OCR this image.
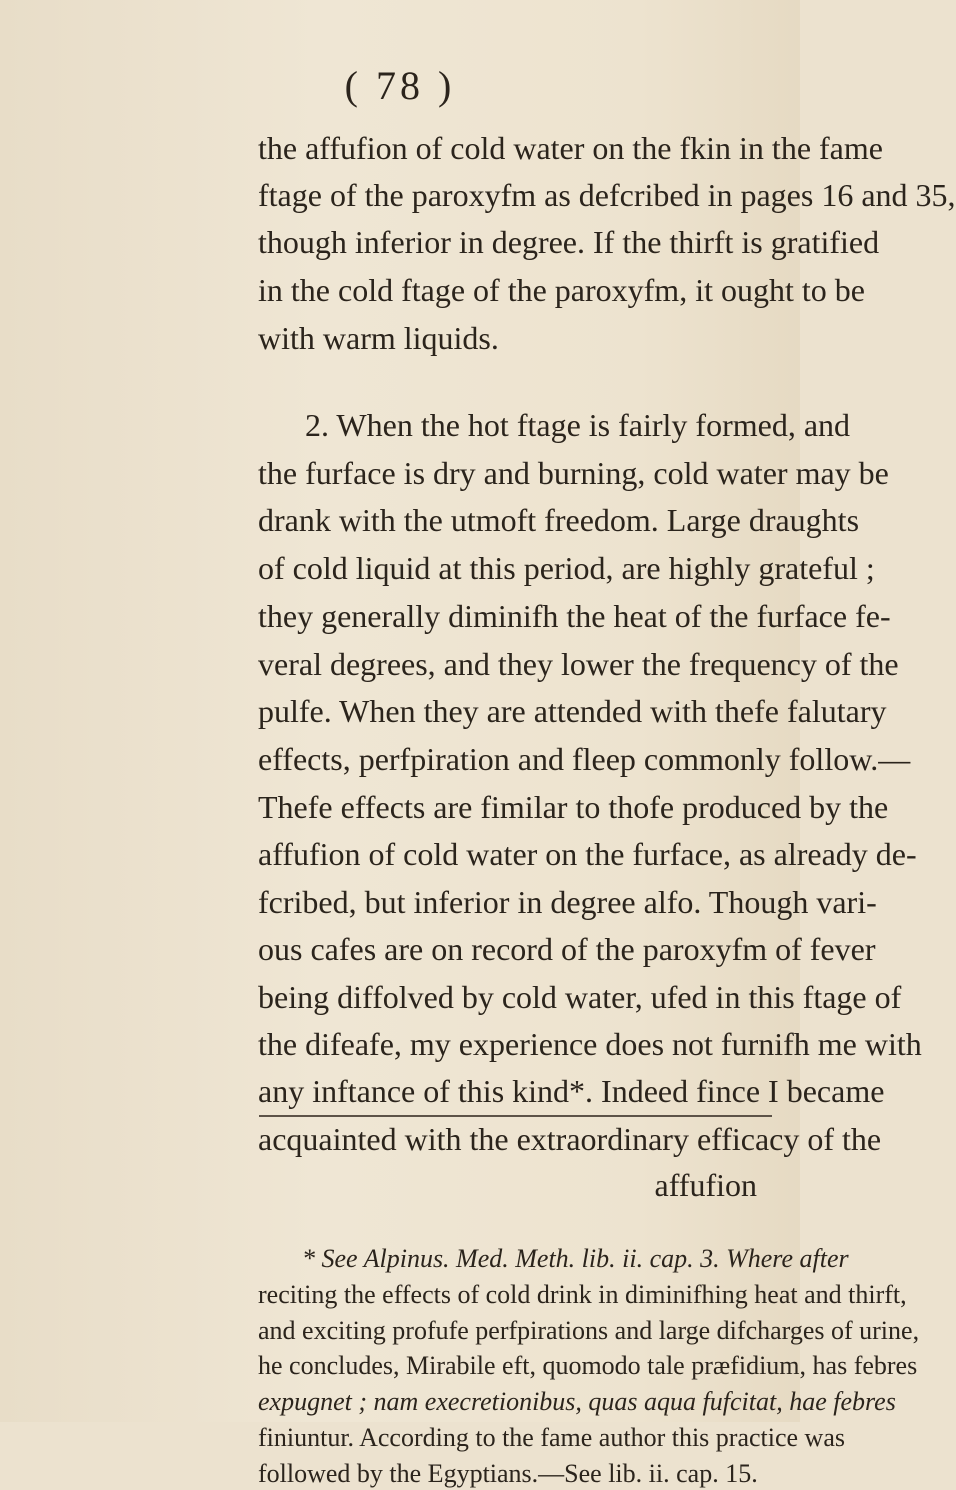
( 78 )
the affufion of cold water on the fkin in the fame
ftage of the paroxyfm as defcribed in pages 16 and 35,
though inferior in degree. If the thirft is gratified
in the cold ftage of the paroxyfm, it ought to be
with warm liquids.
2. When the hot ftage is fairly formed, and
the furface is dry and burning, cold water may be
drank with the utmoft freedom. Large draughts
of cold liquid at this period, are highly grateful ;
they generally diminifh the heat of the furface fe-
veral degrees, and they lower the frequency of the
pulfe. When they are attended with thefe falutary
effects, perfpiration and fleep commonly follow.—
Thefe effects are fimilar to thofe produced by the
affufion of cold water on the furface, as already de-
fcribed, but inferior in degree alfo. Though vari-
ous cafes are on record of the paroxyfm of fever
being diffolved by cold water, ufed in this ftage of
the difeafe, my experience does not furnifh me with
any inftance of this kind*. Indeed fince I became
acquainted with the extraordinary efficacy of the
affufion
* See Alpinus. Med. Meth. lib. ii. cap. 3. Where after
reciting the effects of cold drink in diminifhing heat and thirft,
and exciting profufe perfpirations and large difcharges of urine,
he concludes, Mirabile eft, quomodo tale præfidium, has febres
expugnet ; nam execretionibus, quas aqua fufcitat, hae febres
finiuntur. According to the fame author this practice was
followed by the Egyptians.—See lib. ii. cap. 15.
